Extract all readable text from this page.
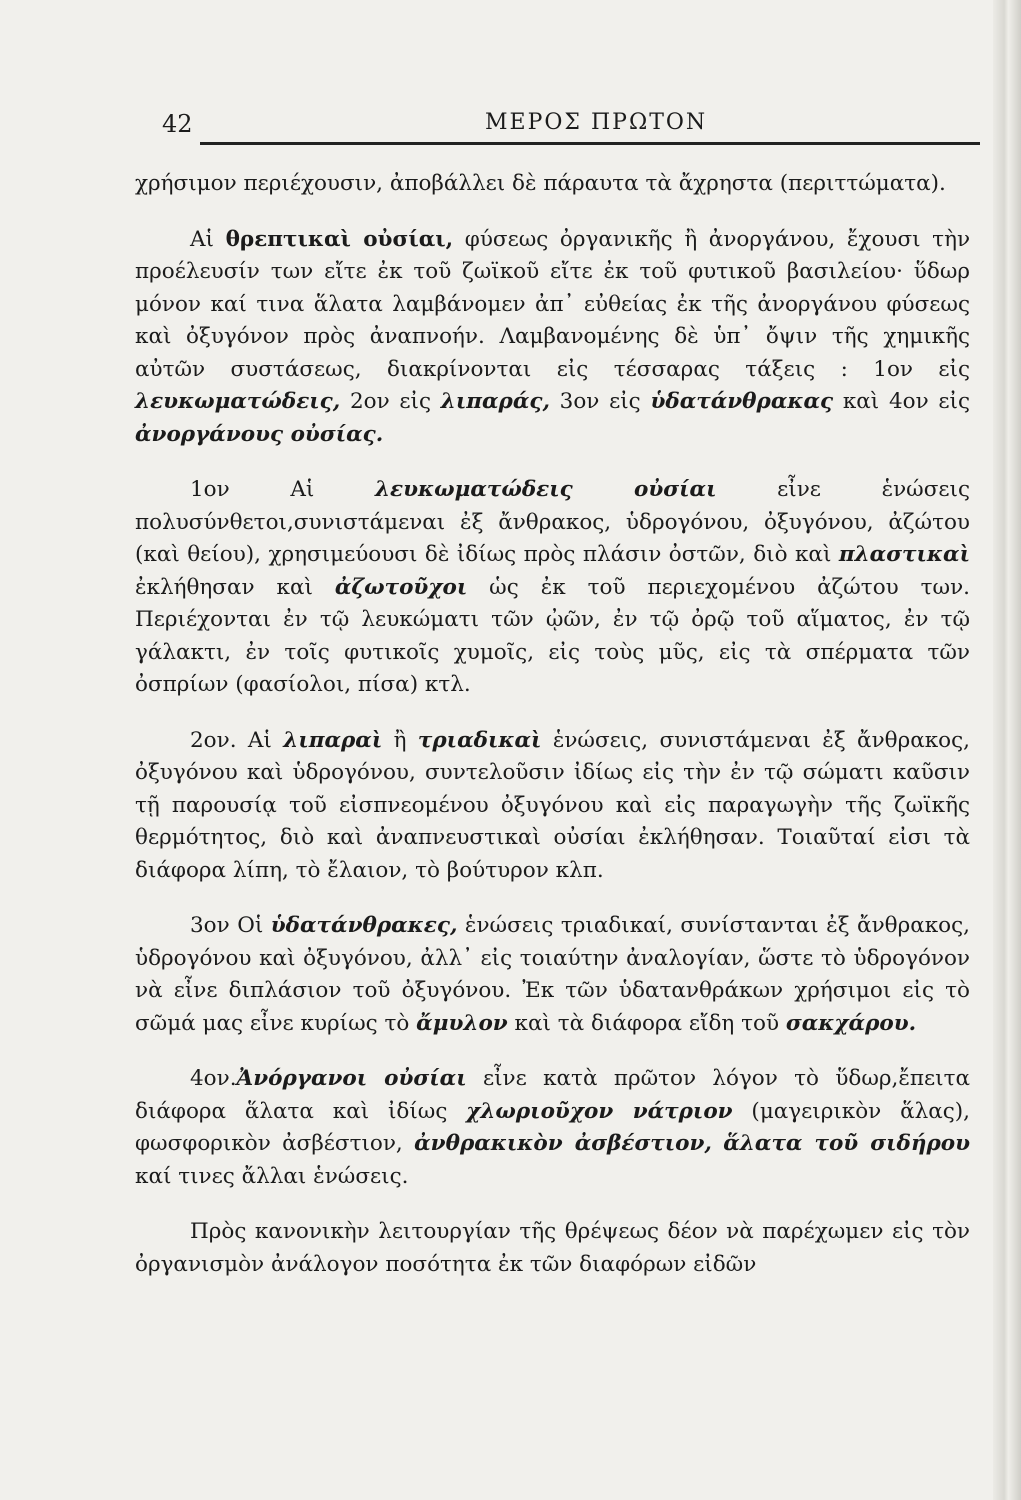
42	ΜΕΡΟΣ ΠΡΩΤΟΝ

χρήσιμον περιέχουσιν, ἀποβάλλει δὲ πάραυτα τὰ ἄχρηστα (περιττώματα).

Αἱ θρεπτικαὶ οὐσίαι, φύσεως ὀργανικῆς ἢ ἀνοργάνου, ἔχουσι τὴν προέλευσίν των εἴτε ἐκ τοῦ ζωϊκοῦ εἴτε ἐκ τοῦ φυτικοῦ βασιλείου· ὕδωρ μόνον καί τινα ἅλατα λαμβάνομεν ἀπ᾽ εὐθείας ἐκ τῆς ἀνοργάνου φύσεως καὶ ὀξυγόνον πρὸς ἀναπνοήν. Λαμβανομένης δὲ ὑπ᾽ ὄψιν τῆς χημικῆς αὐτῶν συστάσεως, διακρίνονται εἰς τέσσαρας τάξεις : 1ον εἰς λευκωματώδεις, 2ον εἰς λιπαράς, 3ον εἰς ὑδατάνθρακας καὶ 4ον εἰς ἀνοργάνους οὐσίας.

1ον Αἱ λευκωματώδεις οὐσίαι εἶνε ἑνώσεις πολυσύνθετοι,συνιστάμεναι ἐξ ἄνθρακος, ὑδρογόνου, ὀξυγόνου, ἀζώτου (καὶ θείου), χρησιμεύουσι δὲ ἰδίως πρὸς πλάσιν ὀστῶν, διὸ καὶ πλαστικαὶ ἐκλήθησαν καὶ ἀζωτοῦχοι ὡς ἐκ τοῦ περιεχομένου ἀζώτου των. Περιέχονται ἐν τῷ λευκώματι τῶν ᾠῶν, ἐν τῷ ὀρῷ τοῦ αἵματος, ἐν τῷ γάλακτι, ἐν τοῖς φυτικοῖς χυμοῖς, εἰς τοὺς μῦς, εἰς τὰ σπέρματα τῶν ὀσπρίων (φασίολοι, πίσα) κτλ.

2ον. Αἱ λιπαραὶ ἢ τριαδικαὶ ἑνώσεις, συνιστάμεναι ἐξ ἄνθρακος, ὀξυγόνου καὶ ὑδρογόνου, συντελοῦσιν ἰδίως εἰς τὴν ἐν τῷ σώματι καῦσιν τῇ παρουσίᾳ τοῦ εἰσπνεομένου ὀξυγόνου καὶ εἰς παραγωγὴν τῆς ζωϊκῆς θερμότητος, διὸ καὶ ἀναπνευστικαὶ οὐσίαι ἐκλήθησαν. Τοιαῦταί εἰσι τὰ διάφορα λίπη, τὸ ἔλαιον, τὸ βούτυρον κλπ.

3ον Οἱ ὑδατάνθρακες, ἑνώσεις τριαδικαί, συνίστανται ἐξ ἄνθρακος, ὑδρογόνου καὶ ὀξυγόνου, ἀλλ᾽ εἰς τοιαύτην ἀναλογίαν, ὥστε τὸ ὑδρογόνον νὰ εἶνε διπλάσιον τοῦ ὀξυγόνου. Ἐκ τῶν ὑδατανθράκων χρήσιμοι εἰς τὸ σῶμά μας εἶνε κυρίως τὸ ἄμυλον καὶ τὰ διάφορα εἴδη τοῦ σακχάρου.

4ον.Ἀνόργανοι οὐσίαι εἶνε κατὰ πρῶτον λόγον τὸ ὕδωρ,ἔπειτα διάφορα ἅλατα καὶ ἰδίως χλωριοῦχον νάτριον (μαγειρικὸν ἅλας), φωσφορικὸν ἀσβέστιον, ἀνθρακικὸν ἀσβέστιον, ἅλατα τοῦ σιδήρου καί τινες ἄλλαι ἑνώσεις.

Πρὸς κανονικὴν λειτουργίαν τῆς θρέψεως δέον νὰ παρέχωμεν εἰς τὸν ὀργανισμὸν ἀνάλογον ποσότητα ἐκ τῶν διαφόρων εἰδῶν
